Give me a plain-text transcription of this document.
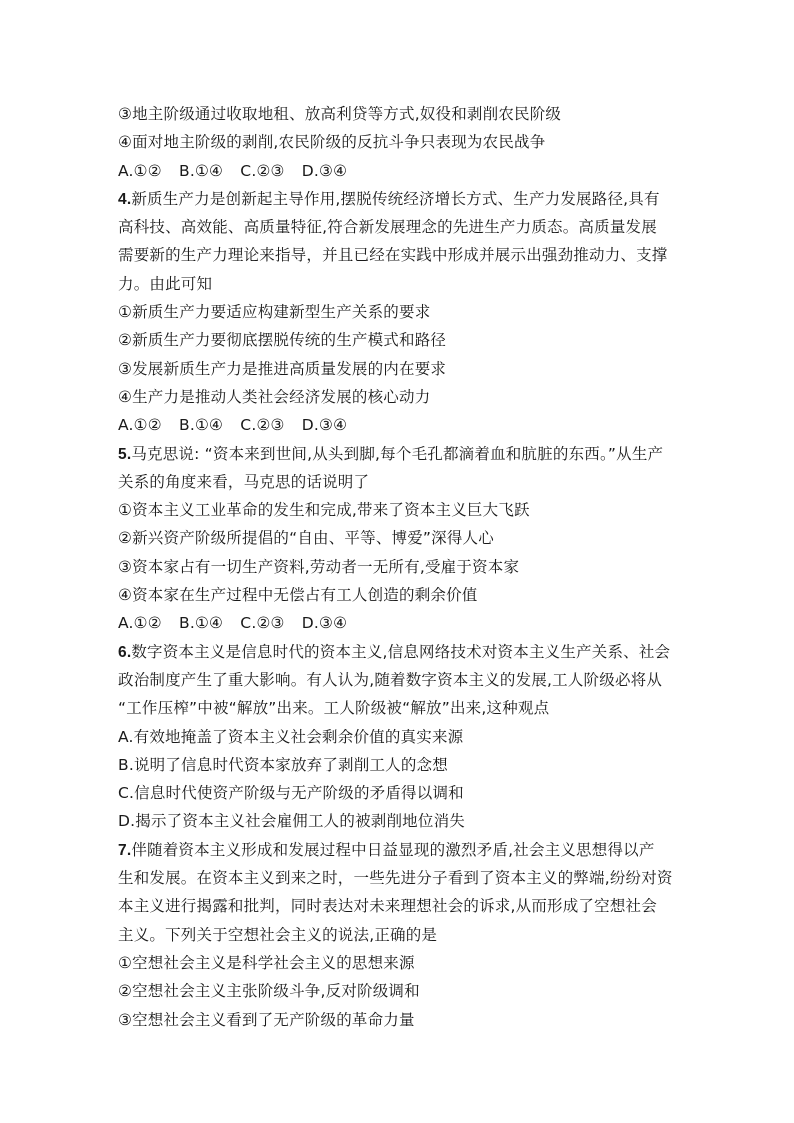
③地主阶级通过收取地租、放高利贷等方式,奴役和剥削农民阶级
④面对地主阶级的剥削,农民阶级的反抗斗争只表现为农民战争
A.①② B.①④ C.②③ D.③④
4.新质生产力是创新起主导作用,摆脱传统经济增长方式、生产力发展路径,具有
高科技、高效能、高质量特征,符合新发展理念的先进生产力质态。高质量发展
需要新的生产力理论来指导，并且已经在实践中形成并展示出强劲推动力、支撑
力。由此可知
①新质生产力要适应构建新型生产关系的要求
②新质生产力要彻底摆脱传统的生产模式和路径
③发展新质生产力是推进高质量发展的内在要求
④生产力是推动人类社会经济发展的核心动力
A.①② B.①④ C.②③ D.③④
5.马克思说: “资本来到世间,从头到脚,每个毛孔都滴着血和肮脏的东西。”从生产
关系的角度来看，马克思的话说明了
①资本主义工业革命的发生和完成,带来了资本主义巨大飞跃
②新兴资产阶级所提倡的“自由、平等、博爱”深得人心
③资本家占有一切生产资料,劳动者一无所有,受雇于资本家
④资本家在生产过程中无偿占有工人创造的剩余价值
A.①② B.①④ C.②③ D.③④
6.数字资本主义是信息时代的资本主义,信息网络技术对资本主义生产关系、社会
政治制度产生了重大影响。有人认为,随着数字资本主义的发展,工人阶级必将从
“工作压榨”中被“解放”出来。工人阶级被“解放”出来,这种观点
A.有效地掩盖了资本主义社会剩余价值的真实来源
B.说明了信息时代资本家放弃了剥削工人的念想
C.信息时代使资产阶级与无产阶级的矛盾得以调和
D.揭示了资本主义社会雇佣工人的被剥削地位消失
7.伴随着资本主义形成和发展过程中日益显现的激烈矛盾,社会主义思想得以产
生和发展。在资本主义到来之时，一些先进分子看到了资本主义的弊端,纷纷对资
本主义进行揭露和批判，同时表达对未来理想社会的诉求,从而形成了空想社会
主义。下列关于空想社会主义的说法,正确的是
①空想社会主义是科学社会主义的思想来源
②空想社会主义主张阶级斗争,反对阶级调和
③空想社会主义看到了无产阶级的革命力量
